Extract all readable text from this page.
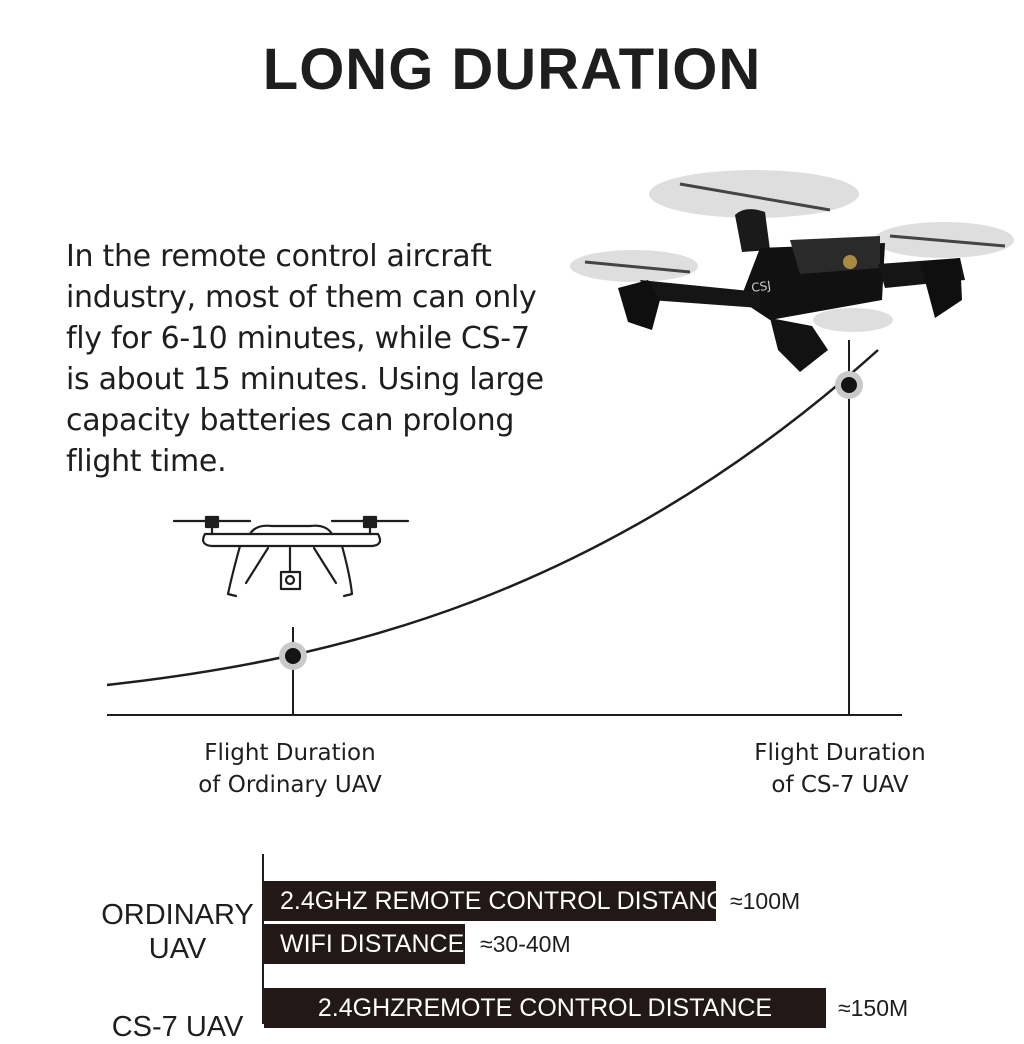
LONG DURATION
In the remote control aircraft
industry, most of them can only
fly for 6-10 minutes, while CS-7
is about 15 minutes. Using large
capacity batteries can prolong
flight time.
CSJ
Flight Duration
of Ordinary UAV
Flight Duration
of CS-7 UAV
ORDINARY
UAV
CS-7 UAV
2.4GHZ REMOTE CONTROL DISTANCE
≈100M
WIFI DISTANCE ≈30-40M
2.4GHZREMOTE CONTROL DISTANCE	≈150M
